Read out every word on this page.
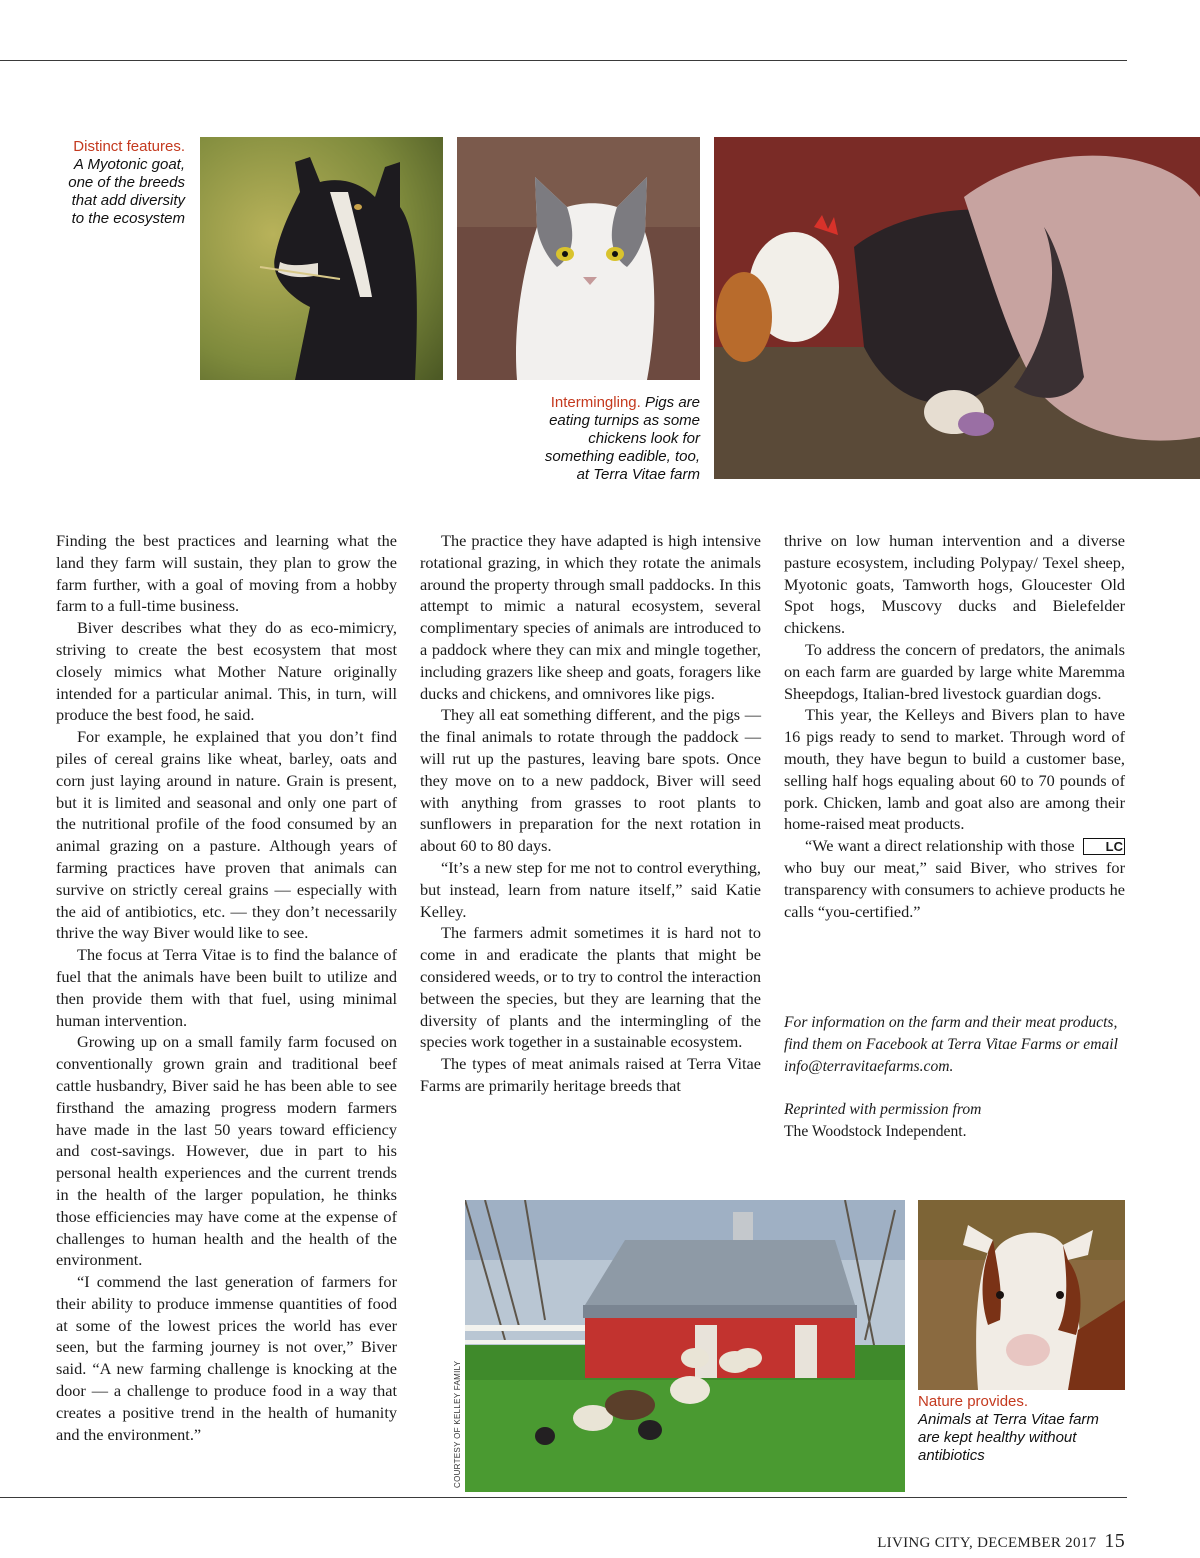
Distinct features.
A Myotonic goat, one of the breeds that add diversity to the ecosystem
Intermingling. Pigs are eating turnips as some chickens look for something eadible, too, at Terra Vitae farm

Finding the best practices and learning what the land they farm will sustain, they plan to grow the farm further, with a goal of moving from a hobby farm to a full-time business.

Biver describes what they do as eco-mimicry, striving to create the best ecosystem that most closely mimics what Mother Nature originally intended for a particular animal. This, in turn, will produce the best food, he said.

For example, he explained that you don’t find piles of cereal grains like wheat, barley, oats and corn just laying around in nature. Grain is present, but it is limited and seasonal and only one part of the nutritional profile of the food consumed by an animal grazing on a pasture. Although years of farming practices have proven that animals can survive on strictly cereal grains — especially with the aid of antibiotics, etc. — they don’t necessarily thrive the way Biver would like to see.

The focus at Terra Vitae is to find the balance of fuel that the animals have been built to utilize and then provide them with that fuel, using minimal human intervention.

Growing up on a small family farm focused on conventionally grown grain and traditional beef cattle husbandry, Biver said he has been able to see firsthand the amazing progress modern farmers have made in the last 50 years toward efficiency and cost-savings. However, due in part to his personal health experiences and the current trends in the health of the larger population, he thinks those efficiencies may have come at the expense of challenges to human health and the health of the environment.

“I commend the last generation of farmers for their ability to produce immense quantities of food at some of the lowest prices the world has ever seen, but the farming journey is not over,” Biver said. “A new farming challenge is knocking at the door — a challenge to produce food in a way that creates a positive trend in the health of humanity and the environment.”

The practice they have adapted is high intensive rotational grazing, in which they rotate the animals around the property through small paddocks. In this attempt to mimic a natural ecosystem, several complimentary species of animals are introduced to a paddock where they can mix and mingle together, including grazers like sheep and goats, foragers like ducks and chickens, and omnivores like pigs.

They all eat something different, and the pigs — the final animals to rotate through the paddock — will rut up the pastures, leaving bare spots. Once they move on to a new paddock, Biver will seed with anything from grasses to root plants to sunflowers in preparation for the next rotation in about 60 to 80 days.

“It’s a new step for me not to control everything, but instead, learn from nature itself,” said Katie Kelley.

The farmers admit sometimes it is hard not to come in and eradicate the plants that might be considered weeds, or to try to control the interaction between the species, but they are learning that the diversity of plants and the intermingling of the species work together in a sustainable ecosystem.

The types of meat animals raised at Terra Vitae Farms are primarily heritage breeds that

thrive on low human intervention and a diverse pasture ecosystem, including Polypay/ Texel sheep, Myotonic goats, Tamworth hogs, Gloucester Old Spot hogs, Muscovy ducks and Bielefelder chickens.

To address the concern of predators, the animals on each farm are guarded by large white Maremma Sheepdogs, Italian-bred livestock guardian dogs.

This year, the Kelleys and Bivers plan to have 16 pigs ready to send to market. Through word of mouth, they have begun to build a customer base, selling half hogs equaling about 60 to 70 pounds of pork. Chicken, lamb and goat also are among their home-raised meat products.

LC
“We want a direct relationship with those who buy our meat,” said Biver, who strives for transparency with consumers to achieve products he calls “you-certified.”

For information on the farm and their meat products, find them on Facebook at Terra Vitae Farms or email info@terravitaefarms.com.
Reprinted with permission from
The Woodstock Independent.
COURTESY OF KELLEY FAMILY	Nature provides.
Animals at Terra Vitae farm are kept healthy without antibiotics
LIVING CITY, DECEMBER 2017 15
